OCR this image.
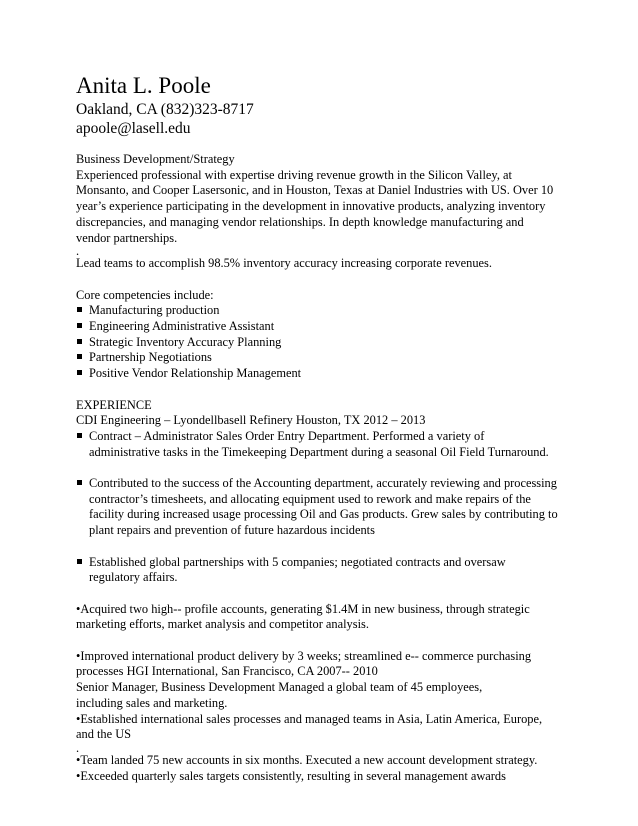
Anita L. Poole
Oakland, CA (832)323-8717
apoole@lasell.edu
Business Development/Strategy
Experienced professional with expertise driving revenue growth in the Silicon Valley, at
Monsanto, and Cooper Lasersonic, and in Houston, Texas at Daniel Industries with US. Over 10
year’s experience participating in the development in innovative products, analyzing inventory
discrepancies, and managing vendor relationships. In depth knowledge manufacturing and
vendor partnerships.
.
Lead teams to accomplish 98.5% inventory accuracy increasing corporate revenues.
Core competencies include:
Manufacturing production
Engineering Administrative Assistant
Strategic Inventory Accuracy Planning
Partnership Negotiations
Positive Vendor Relationship Management
EXPERIENCE
CDI Engineering – Lyondellbasell Refinery Houston, TX 2012 – 2013
Contract – Administrator Sales Order Entry Department. Performed a variety of
administrative tasks in the Timekeeping Department during a seasonal Oil Field Turnaround.
Contributed to the success of the Accounting department, accurately reviewing and processing
contractor’s timesheets, and allocating equipment used to rework and make repairs of the
facility during increased usage processing Oil and Gas products. Grew sales by contributing to
plant repairs and prevention of future hazardous incidents
Established global partnerships with 5 companies; negotiated contracts and oversaw
regulatory affairs.
•Acquired two high-- profile accounts, generating $1.4M in new business, through strategic
marketing efforts, market analysis and competitor analysis.
•Improved international product delivery by 3 weeks; streamlined e-- commerce purchasing
processes HGI International, San Francisco, CA 2007-- 2010
Senior Manager, Business Development Managed a global team of 45 employees,
including sales and marketing.
•Established international sales processes and managed teams in Asia, Latin America, Europe,
and the US
.
•Team landed 75 new accounts in six months. Executed a new account development strategy.
•Exceeded quarterly sales targets consistently, resulting in several management awards
